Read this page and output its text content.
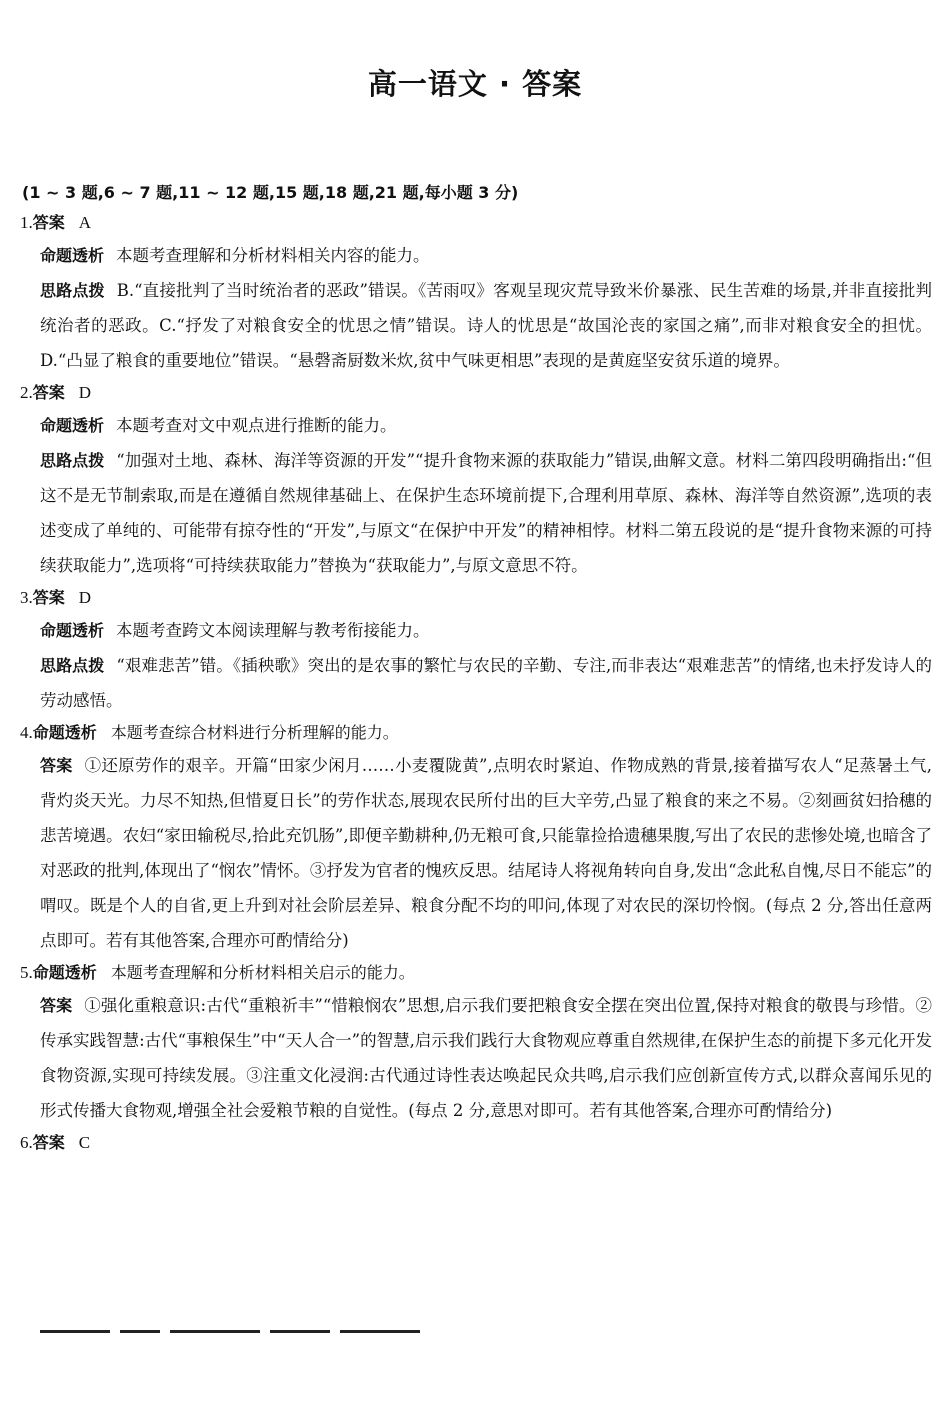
高一语文 · 答案
(1 ~ 3 题,6 ~ 7 题,11 ~ 12 题,15 题,18 题,21 题,每小题 3 分)
1.答案 A
命题透析 本题考查理解和分析材料相关内容的能力。
思路点拨 B.“直接批判了当时统治者的恶政”错误。《苦雨叹》客观呈现灾荒导致米价暴涨、民生苦难的场景,并非直接批判统治者的恶政。C.“抒发了对粮食安全的忧思之情”错误。诗人的忧思是“故国沦丧的家国之痛”,而非对粮食安全的担忧。D.“凸显了粮食的重要地位”错误。“悬磬斋厨数米炊,贫中气味更相思”表现的是黄庭坚安贫乐道的境界。
2.答案 D
命题透析 本题考查对文中观点进行推断的能力。
思路点拨 “加强对土地、森林、海洋等资源的开发”“提升食物来源的获取能力”错误,曲解文意。材料二第四段明确指出:“但这不是无节制索取,而是在遵循自然规律基础上、在保护生态环境前提下,合理利用草原、森林、海洋等自然资源”,选项的表述变成了单纯的、可能带有掠夺性的“开发”,与原文“在保护中开发”的精神相悖。材料二第五段说的是“提升食物来源的可持续获取能力”,选项将“可持续获取能力”替换为“获取能力”,与原文意思不符。
3.答案 D
命题透析 本题考查跨文本阅读理解与教考衔接能力。
思路点拨 “艰难悲苦”错。《插秧歌》突出的是农事的繁忙与农民的辛勤、专注,而非表达“艰难悲苦”的情绪,也未抒发诗人的劳动感悟。
4.命题透析 本题考查综合材料进行分析理解的能力。
答案 ①还原劳作的艰辛。开篇“田家少闲月……小麦覆陇黄”,点明农时紧迫、作物成熟的背景,接着描写农人“足蒸暑土气,背灼炎天光。力尽不知热,但惜夏日长”的劳作状态,展现农民所付出的巨大辛劳,凸显了粮食的来之不易。②刻画贫妇拾穗的悲苦境遇。农妇“家田输税尽,拾此充饥肠”,即便辛勤耕种,仍无粮可食,只能靠捡拾遗穗果腹,写出了农民的悲惨处境,也暗含了对恶政的批判,体现出了“悯农”情怀。③抒发为官者的愧疚反思。结尾诗人将视角转向自身,发出“念此私自愧,尽日不能忘”的喟叹。既是个人的自省,更上升到对社会阶层差异、粮食分配不均的叩问,体现了对农民的深切怜悯。(每点 2 分,答出任意两点即可。若有其他答案,合理亦可酌情给分)
5.命题透析 本题考查理解和分析材料相关启示的能力。
答案 ①强化重粮意识:古代“重粮祈丰”“惜粮悯农”思想,启示我们要把粮食安全摆在突出位置,保持对粮食的敬畏与珍惜。②传承实践智慧:古代“事粮保生”中“天人合一”的智慧,启示我们践行大食物观应尊重自然规律,在保护生态的前提下多元化开发食物资源,实现可持续发展。③注重文化浸润:古代通过诗性表达唤起民众共鸣,启示我们应创新宣传方式,以群众喜闻乐见的形式传播大食物观,增强全社会爱粮节粮的自觉性。(每点 2 分,意思对即可。若有其他答案,合理亦可酌情给分)
6.答案 C
